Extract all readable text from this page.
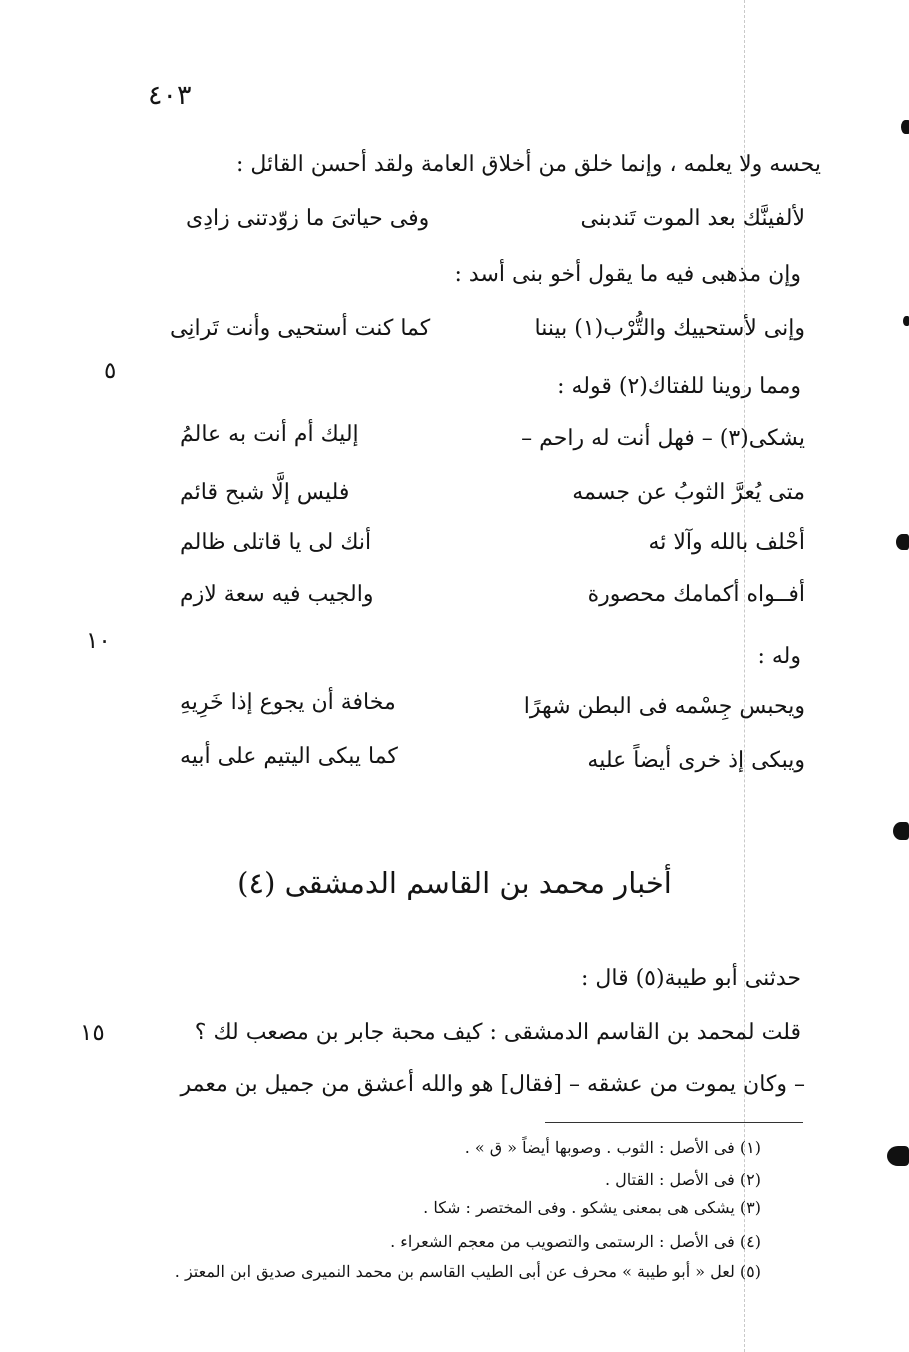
٤٠٣
٥
١٠
١٥
يحسه ولا يعلمه ، وإنما خلق من أخلاق العامة ولقد أحسن القائل :
لألفينَّك بعد الموت تَندبنى
وفى حياتىَ ما زوّدتنى زادِى
وإن مذهبى فيه ما يقول أخو بنى أسد :
وإنى لأستحييك والتُّرْب(١) بيننا
كما كنت أستحيى وأنت تَرانِى
ومما روينا للفتاك(٢) قوله :
يشكى(٣) – فهل أنت له راحم –
إليك أم أنت به عالمُ
متى يُعرَّ الثوبُ عن جسمه
فليس إلَّا شبح قائم
أحْلف بالله وآلا ئه
أنك لى يا قاتلى ظالم
أفــواه أكمامك محصورة
والجيب فيه سعة لازم
وله :
ويحبس جِسْمه فى البطن شهرًا
مخافة أن يجوع إذا خَرِيهِ
ويبكى إذ خرى أيضاً عليه
كما يبكى اليتيم على أبيه
أخبار محمد بن القاسم الدمشقى (٤)
حدثنى أبو طيبة(٥) قال :
قلت لمحمد بن القاسم الدمشقى : كيف محبة جابر بن مصعب لك ؟
– وكان يموت من عشقه – [فقال] هو والله أعشق من جميل بن معمر
(١) فى الأصل : الثوب . وصوبها أيضاً « ق » .
(٢) فى الأصل : القتال .
(٣) يشكى هى بمعنى يشكو . وفى المختصر : شكا .
(٤) فى الأصل : الرستمى والتصويب من معجم الشعراء .
(٥) لعل « أبو طيبة » محرف عن أبى الطيب القاسم بن محمد النميرى صديق ابن المعتز .
